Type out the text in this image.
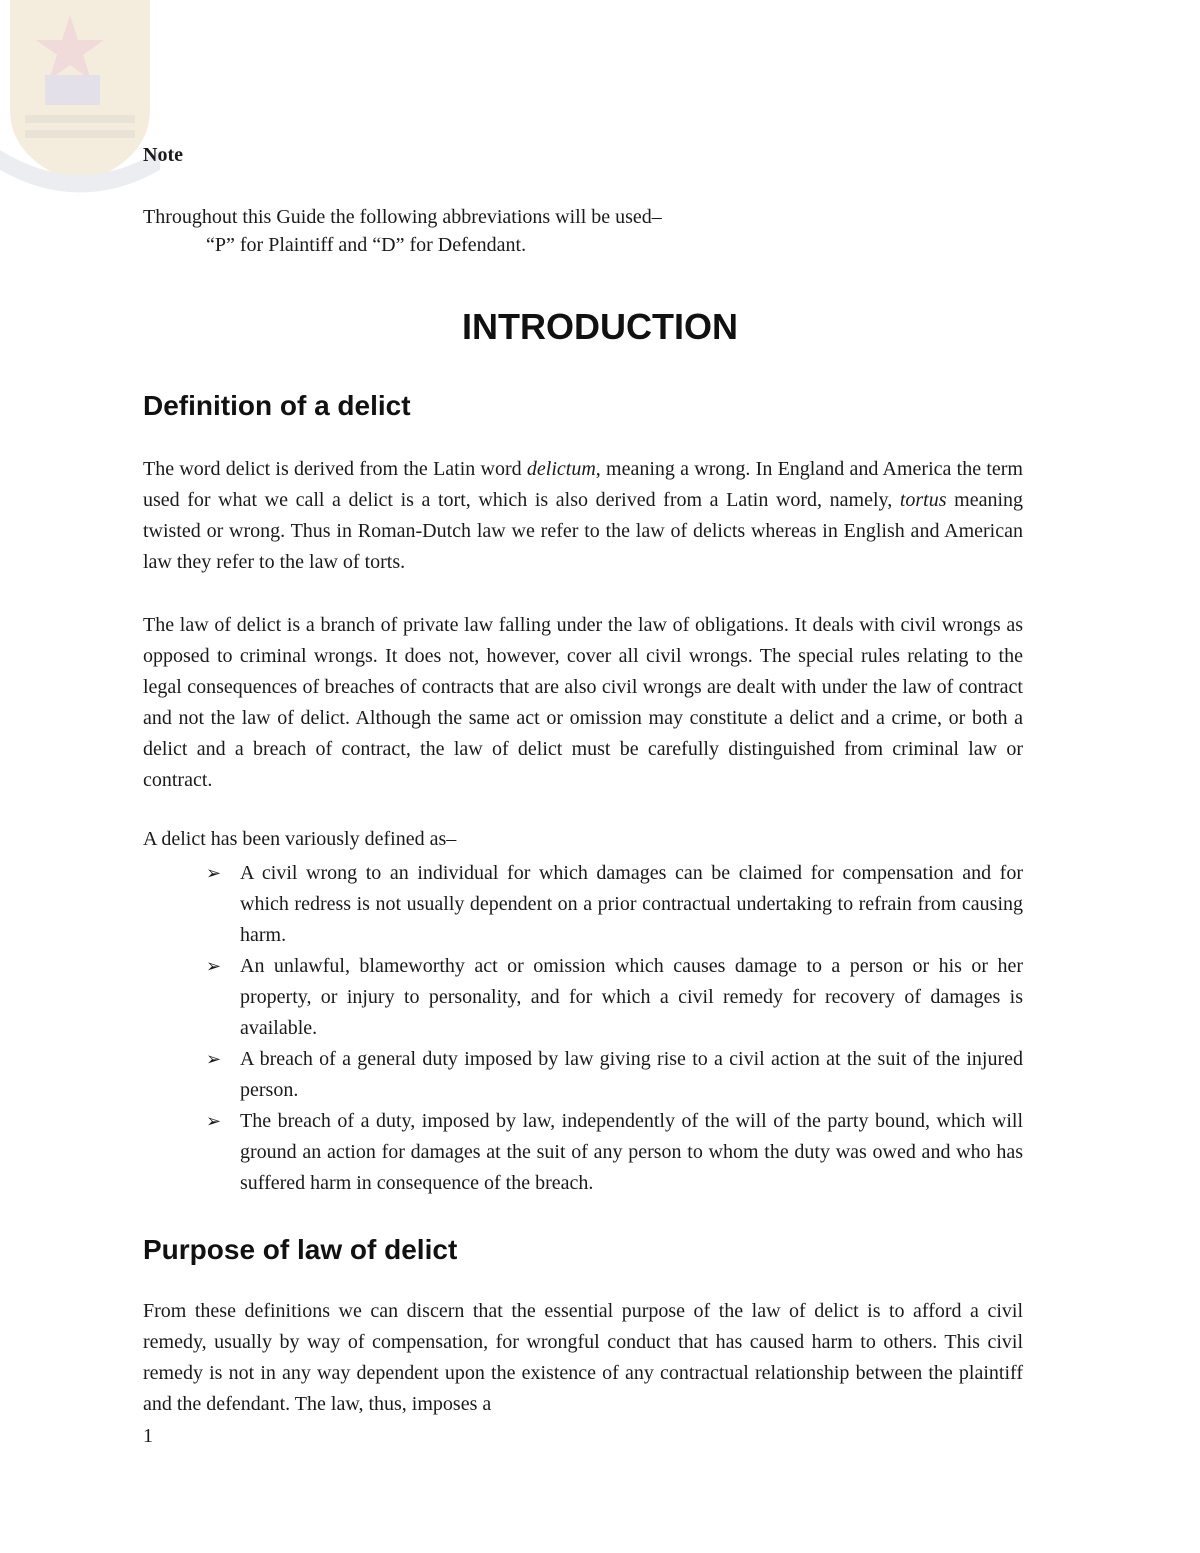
Note
Throughout this Guide the following abbreviations will be used–
“P” for Plaintiff and “D” for Defendant.
INTRODUCTION
Definition of a delict

The word delict is derived from the Latin word delictum, meaning a wrong. In England and America the term used for what we call a delict is a tort, which is also derived from a Latin word, namely, tortus meaning twisted or wrong. Thus in Roman-Dutch law we refer to the law of delicts whereas in English and American law they refer to the law of torts.

The law of delict is a branch of private law falling under the law of obligations. It deals with civil wrongs as opposed to criminal wrongs. It does not, however, cover all civil wrongs. The special rules relating to the legal consequences of breaches of contracts that are also civil wrongs are dealt with under the law of contract and not the law of delict. Although the same act or omission may constitute a delict and a crime, or both a delict and a breach of contract, the law of delict must be carefully distinguished from criminal law or contract.

A delict has been variously defined as–
➢ A civil wrong to an individual for which damages can be claimed for compensation and for which redress is not usually dependent on a prior contractual undertaking to refrain from causing harm.
➢ An unlawful, blameworthy act or omission which causes damage to a person or his or her property, or injury to personality, and for which a civil remedy for recovery of damages is available.
➢ A breach of a general duty imposed by law giving rise to a civil action at the suit of the injured person.
➢ The breach of a duty, imposed by law, independently of the will of the party bound, which will ground an action for damages at the suit of any person to whom the duty was owed and who has suffered harm in consequence of the breach.
Purpose of law of delict

From these definitions we can discern that the essential purpose of the law of delict is to afford a civil remedy, usually by way of compensation, for wrongful conduct that has caused harm to others. This civil remedy is not in any way dependent upon the existence of any contractual relationship between the plaintiff and the defendant. The law, thus, imposes a

1
